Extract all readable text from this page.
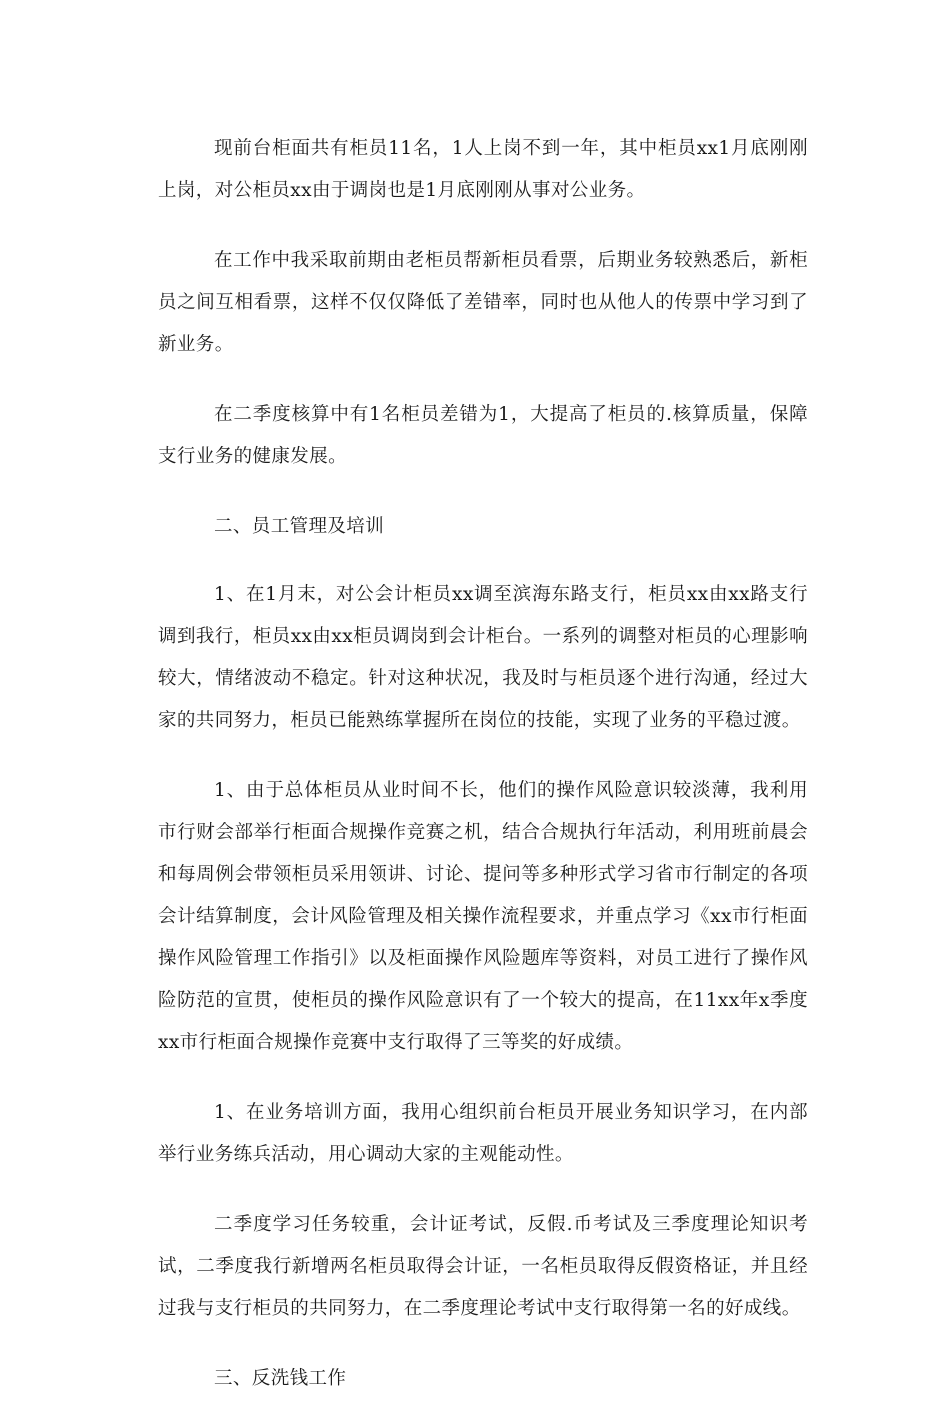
现前台柜面共有柜员11名，1人上岗不到一年，其中柜员xx1月底刚刚上岗，对公柜员xx由于调岗也是1月底刚刚从事对公业务。

在工作中我采取前期由老柜员帮新柜员看票，后期业务较熟悉后，新柜员之间互相看票，这样不仅仅降低了差错率，同时也从他人的传票中学习到了新业务。

在二季度核算中有1名柜员差错为1，大提高了柜员的.核算质量，保障支行业务的健康发展。

二、员工管理及培训

1、在1月末，对公会计柜员xx调至滨海东路支行，柜员xx由xx路支行调到我行，柜员xx由xx柜员调岗到会计柜台。一系列的调整对柜员的心理影响较大，情绪波动不稳定。针对这种状况，我及时与柜员逐个进行沟通，经过大家的共同努力，柜员已能熟练掌握所在岗位的技能，实现了业务的平稳过渡。

1、由于总体柜员从业时间不长，他们的操作风险意识较淡薄，我利用市行财会部举行柜面合规操作竞赛之机，结合合规执行年活动，利用班前晨会和每周例会带领柜员采用领讲、讨论、提问等多种形式学习省市行制定的各项会计结算制度，会计风险管理及相关操作流程要求，并重点学习《xx市行柜面操作风险管理工作指引》以及柜面操作风险题库等资料，对员工进行了操作风险防范的宣贯，使柜员的操作风险意识有了一个较大的提高，在11xx年x季度xx市行柜面合规操作竞赛中支行取得了三等奖的好成绩。

1、在业务培训方面，我用心组织前台柜员开展业务知识学习，在内部举行业务练兵活动，用心调动大家的主观能动性。

二季度学习任务较重，会计证考试，反假.币考试及三季度理论知识考试，二季度我行新增两名柜员取得会计证，一名柜员取得反假资格证，并且经过我与支行柜员的共同努力，在二季度理论考试中支行取得第一名的好成线。

三、反洗钱工作
